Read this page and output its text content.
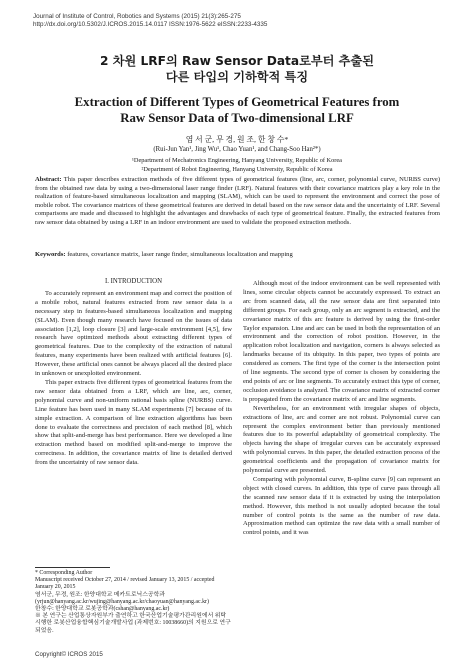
Journal of Institute of Control, Robotics and Systems (2015) 21(3):265-275
http://dx.doi.org/10.5302/J.ICROS.2015.14.0117 ISSN:1976-5622 eISSN:2233-4335
2 차원 LRF의 Raw Sensor Data로부터 추출된
다른 타입의 기하학적 특징
Extraction of Different Types of Geometrical Features from
Raw Sensor Data of Two-dimensional LRF
염 서 군, 무 경, 원 조, 한 창 수*
(Rui-Jun Yan¹, Jing Wu¹, Chao Yuan¹, and Chang-Soo Han²*)
Abstract: This paper describes extraction methods of five different types of geometrical features (line, arc, corner, polynomial curve, NURBS curve) from the obtained raw data by using a two-dimensional laser range finder (LRF). Natural features with their covariance matrices play a key role in the realization of feature-based simultaneous localization and mapping (SLAM), which can be used to represent the environment and correct the pose of mobile robot. The covariance matrices of these geometrical features are derived in detail based on the raw sensor data and the uncertainty of LRF. Several comparisons are made and discussed to highlight the advantages and drawbacks of each type of geometrical feature. Finally, the extracted features from raw sensor data obtained by using a LRF in an indoor environment are used to validate the proposed extraction methods.
¹Department of Mechatronics Engineering, Hanyang University, Republic of Korea
²Department of Robot Engineering, Hanyang University, Republic of Korea
Keywords: features, covariance matrix, laser range finder, simultaneous localization and mapping
I. INTRODUCTION

To accurately represent an environment map and correct the position of a mobile robot, natural features extracted from raw sensor data is a necessary step in features-based simultaneous localization and mapping (SLAM). Even though many research have focused on the issues of data association [1,2], loop closure [3] and large-scale environment [4,5], few research have optimized methods about extracting different types of geometrical features. Due to the complexity of the extraction of natural features, many experiments have been realized with artificial features [6]. However, these artificial ones cannot be always placed all the desired place in unknown or unexploited environment.

This paper extracts five different types of geometrical features from the raw sensor data obtained from a LRF, which are line, arc, corner, polynomial curve and non-uniform rational basis spline (NURBS) curve. Line feature has been used in many SLAM experiments [7] because of its simple extraction. A comparison of line extraction algorithms has been done to evaluate the correctness and precision of each method [8], which show that split-and-merge has best performance. Here we developed a line extraction method based on modified split-and-merge to improve the correctness. In addition, the covariance matrix of line is detailed derived from the uncertainty of raw sensor data.

* Corresponding Author
Manuscript received October 27, 2014 / revised January 13, 2015 / accepted January 20, 2015
염서군, 무경, 원조: 한양대학교 메카트로닉스공학과
(yrjun@hanyang.ac.kr/wujing@hanyang.ac.kr/chaoyuan@hanyang.ac.kr)
한창수: 한양대학교 로봇공학과(cshan@hanyang.ac.kr)
※ 본 연구는 산업통상자원부가 출연하고 한국산업기술평가관리원에서 위탁 시행한 로봇산업융합핵심기술개발사업 (과제번호: 10038660)의 지원으로 연구되었음.

Although most of the indoor environment can be well represented with lines, some circular objects cannot be accurately expressed. To extract an arc from scanned data, all the raw sensor data are first separated into different groups. For each group, only an arc segment is extracted, and the covariance matrix of this arc feature is derived by using the first-order Taylor expansion. Line and arc can be used in both the representation of an environment and the correction of robot position. However, in the application robot localization and navigation, corners is always selected as landmarks because of its ubiquity. In this paper, two types of points are considered as corners. The first type of the corner is the intersection point of line segments. The second type of corner is chosen by considering the end points of arc or line segments. To accurately extract this type of corner, occlusion avoidance is analyzed. The covariance matrix of extracted corner is propagated from the covariance matrix of arc and line segments.

Nevertheless, for an environment with irregular shapes of objects, extractions of line, arc and corner are not robust. Polynomial curve can represent the complex environment better than previously mentioned features due to its powerful adaptability of geometrical complexity. The objects having the shape of irregular curves can be accurately expressed with polynomial curves. In this paper, the detailed extraction process of the geometrical coefficients and the propagation of covariance matrix for polynomial curve are presented.

Comparing with polynomial curve, B-spline curve [9] can represent an object with closed curves. In addition, this type of curve pass through all the scanned raw sensor data if it is extracted by using the interpolation method. However, this method is not usually adopted because the total number of control points is the same as the number of raw data. Approximation method can optimize the raw data with a small number of control points, and it was

Copyright© ICROS 2015
